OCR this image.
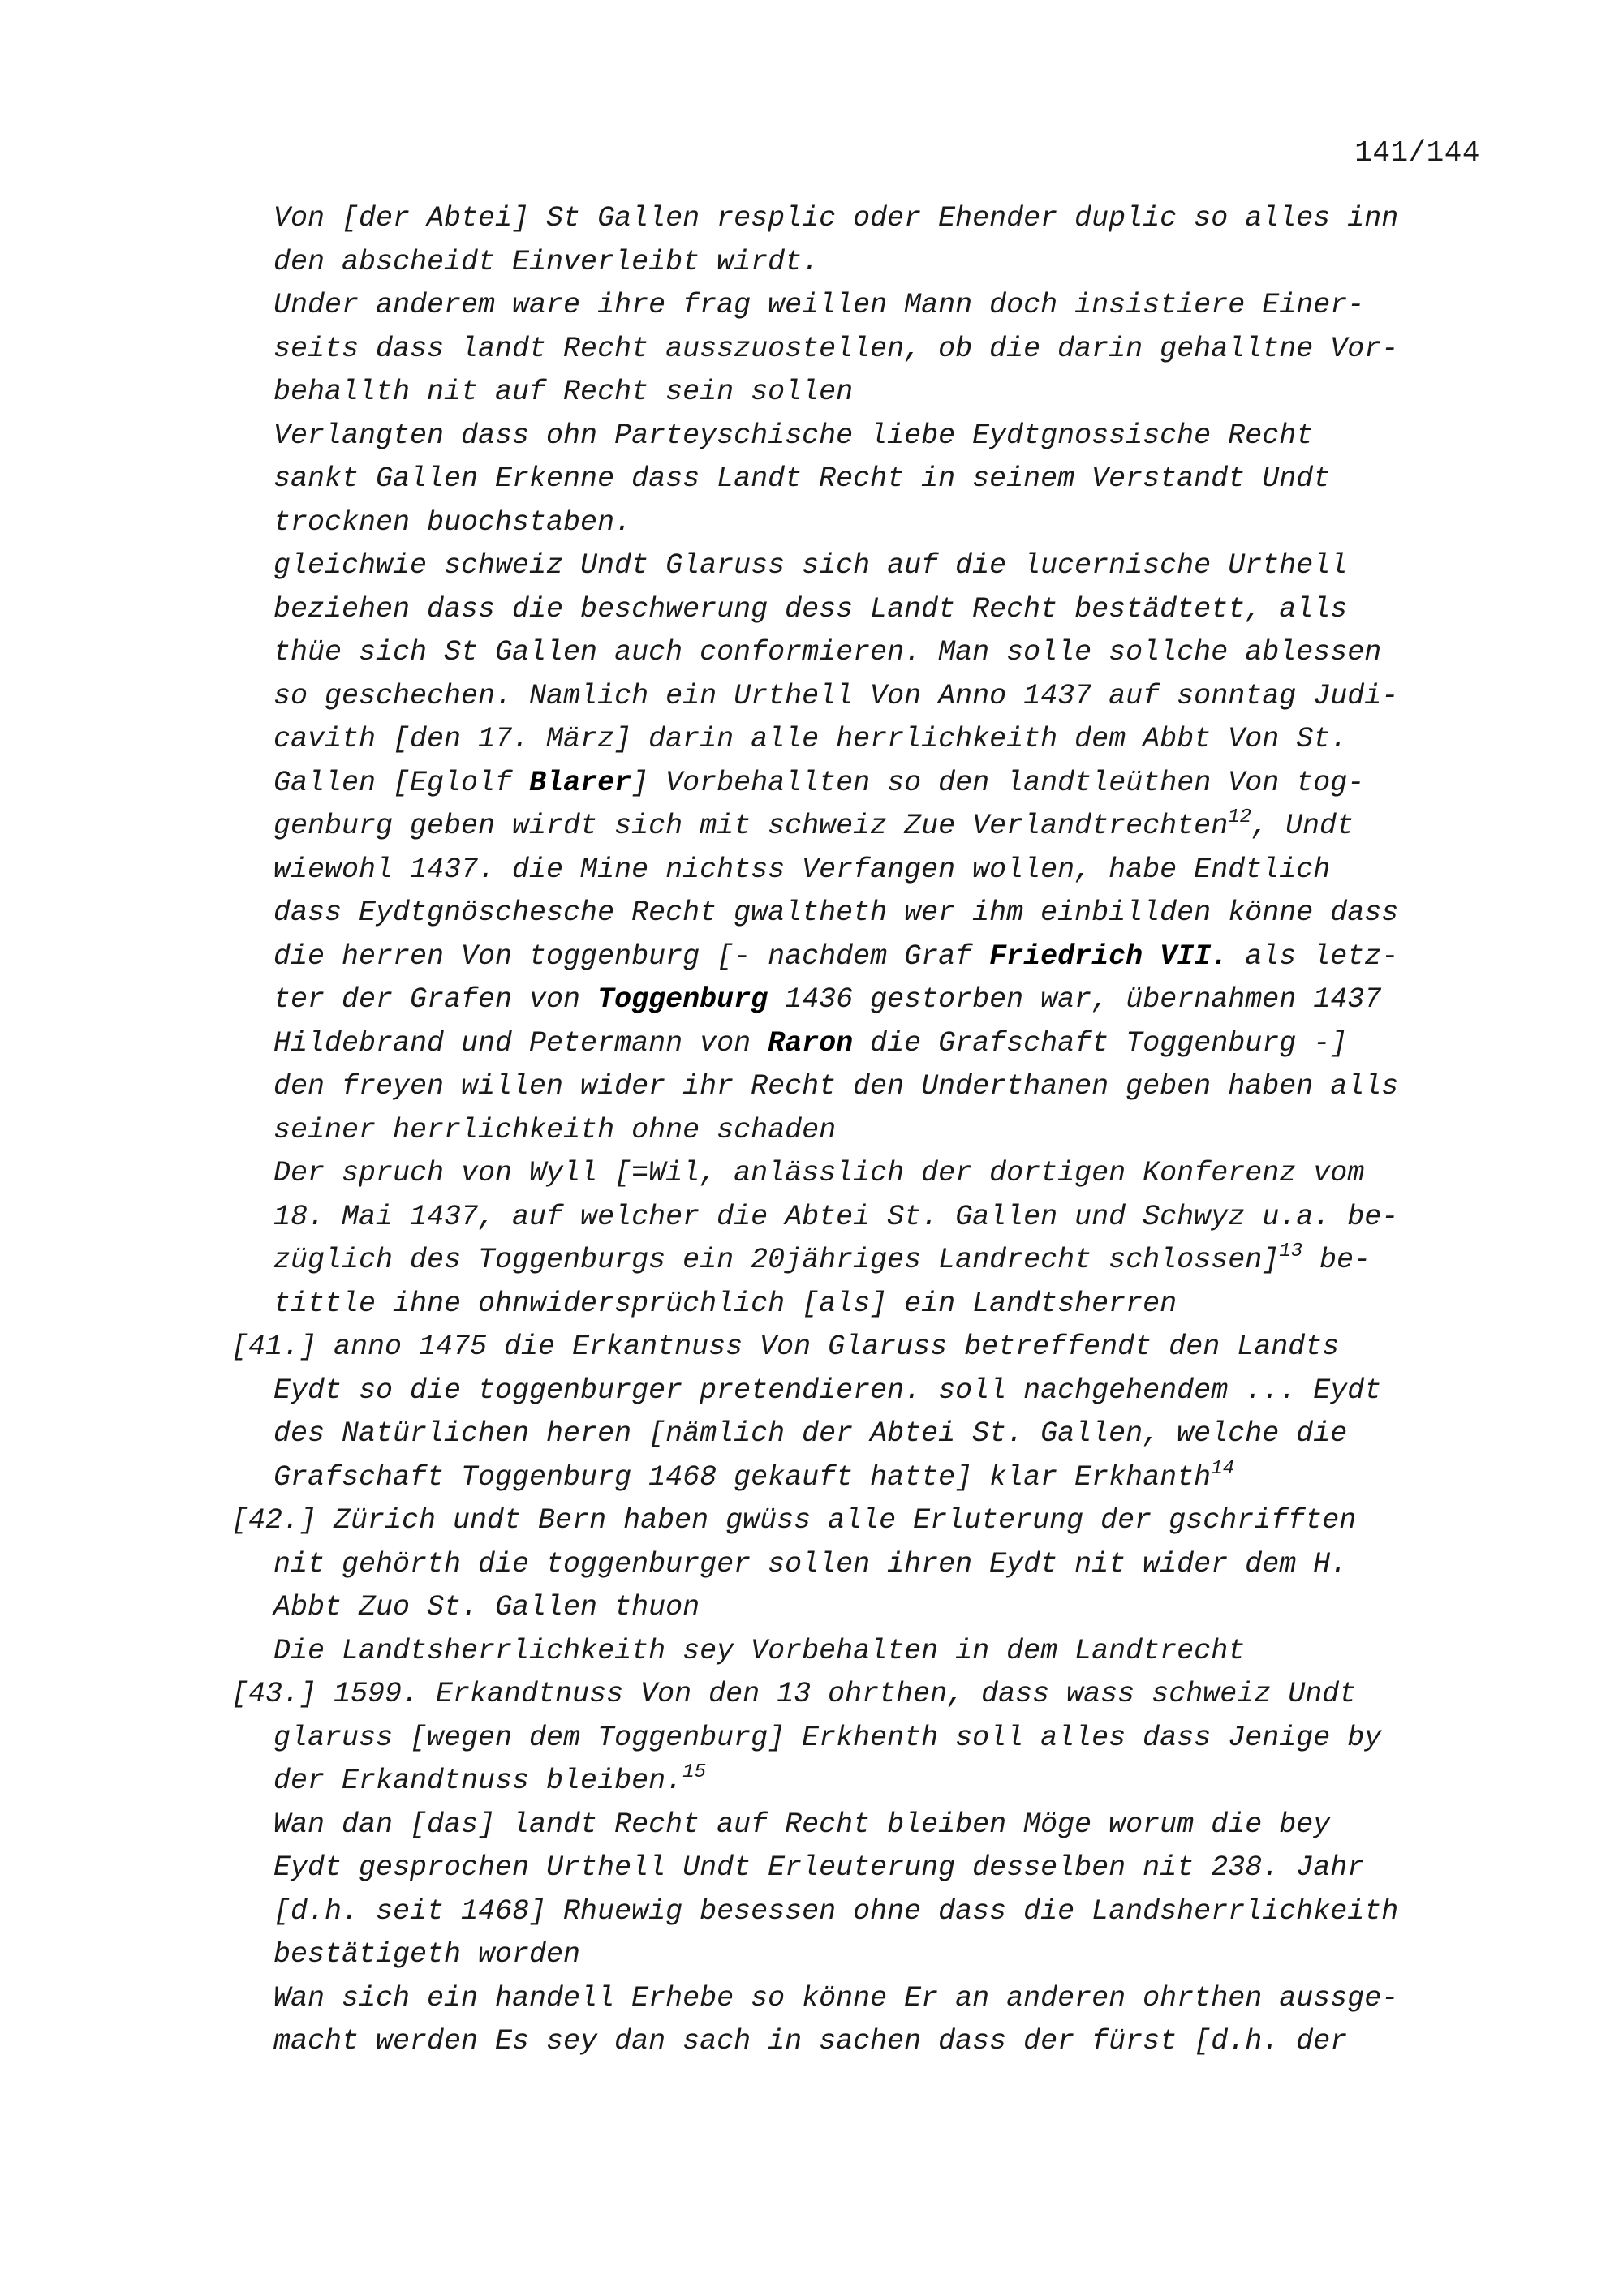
141/144
Von [der Abtei] St Gallen resplic oder Ehender duplic so alles inn
den abscheidt Einverleibt wirdt.
Under anderem ware ihre frag weillen Mann doch insistiere Einer-
seits dass landt Recht ausszuostellen, ob die darin gehalltne Vor-
behallth nit auf Recht sein sollen
Verlangten dass ohn Parteyschische liebe Eydtgnossische Recht
sankt Gallen Erkenne dass Landt Recht in seinem Verstandt Undt
trocknen buochstaben.
gleichwie schweiz Undt Glaruss sich auf die lucernische Urthell
beziehen dass die beschwerung dess Landt Recht bestädtett, alls
thüe sich St Gallen auch conformieren. Man solle sollche ablessen
so geschechen. Namlich ein Urthell Von Anno 1437 auf sonntag Judi-
cavith [den 17. März] darin alle herrlichkeith dem Abbt Von St.
Gallen [Eglolf Blarer] Vorbehallten so den landtleüthen Von tog-
genburg geben wirdt sich mit schweiz Zue Verlandtrechten$^{12}$, Undt
wiewohl 1437. die Mine nichtss Verfangen wollen, habe Endtlich
dass Eydtgnöschesche Recht gwaltheth wer ihm einbillden könne dass
die herren Von toggenburg [- nachdem Graf Friedrich VII. als letz-
ter der Grafen von Toggenburg 1436 gestorben war, übernahmen 1437
Hildebrand und Petermann von Raron die Grafschaft Toggenburg -]
den freyen willen wider ihr Recht den Underthanen geben haben alls
seiner herrlichkeith ohne schaden
Der spruch von Wyll [=Wil, anlässlich der dortigen Konferenz vom
18. Mai 1437, auf welcher die Abtei St. Gallen und Schwyz u.a. be-
züglich des Toggenburgs ein 20jähriges Landrecht schlossen]$^{13}$ be-
tittle ihne ohnwidersprüchlich [als] ein Landtsherren
[41.] anno 1475 die Erkantnuss Von Glaruss betreffendt den Landts
Eydt so die toggenburger pretendieren. soll nachgehendem ... Eydt
des Natürlichen heren [nämlich der Abtei St. Gallen, welche die
Grafschaft Toggenburg 1468 gekauft hatte] klar Erkhanth$^{14}$
[42.] Zürich undt Bern haben gwüss alle Erluterung der gschrifften
nit gehörth die toggenburger sollen ihren Eydt nit wider dem H.
Abbt Zuo St. Gallen thuon
Die Landtsherrlichkeith sey Vorbehalten in dem Landtrecht
[43.] 1599. Erkandtnuss Von den 13 ohrthen, dass wass schweiz Undt
glaruss [wegen dem Toggenburg] Erkhenth soll alles dass Jenige by
der Erkandtnuss bleiben.$^{15}$
Wan dan [das] landt Recht auf Recht bleiben Möge worum die bey
Eydt gesprochen Urthell Undt Erleuterung desselben nit 238. Jahr
[d.h. seit 1468] Rhuewig besessen ohne dass die Landsherrlichkeith
bestätigeth worden
Wan sich ein handell Erhebe so könne Er an anderen ohrthen aussge-
macht werden Es sey dan sach in sachen dass der fürst [d.h. der
